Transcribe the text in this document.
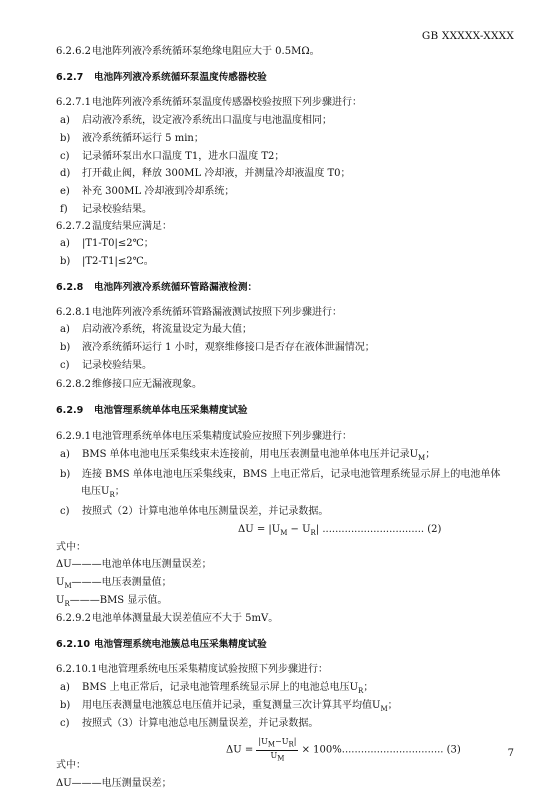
GB XXXXX-XXXX
6.2.6.2电池阵列液冷系统循环泵绝缘电阻应大于 0.5MΩ。
6.2.7 电池阵列液冷系统循环泵温度传感器校验
6.2.7.1电池阵列液冷系统循环泵温度传感器校验按照下列步骤进行：
a) 启动液冷系统，设定液冷系统出口温度与电池温度相同；
b) 液冷系统循环运行 5 min；
c) 记录循环泵出水口温度 T1，进水口温度 T2；
d) 打开截止阀，释放 300ML 冷却液，并测量冷却液温度 T0；
e) 补充 300ML 冷却液到冷却系统；
f) 记录校验结果。
6.2.7.2温度结果应满足：
a) |T1-T0|≤2℃；
b) |T2-T1|≤2℃。
6.2.8 电池阵列液冷系统循环管路漏液检测：
6.2.8.1电池阵列液冷系统循环管路漏液测试按照下列步骤进行：
a) 启动液冷系统，将流量设定为最大值；
b) 液冷系统循环运行 1 小时，观察维修接口是否存在液体泄漏情况；
c) 记录校验结果。
6.2.8.2维修接口应无漏液现象。
6.2.9 电池管理系统单体电压采集精度试验
6.2.9.1电池管理系统单体电压采集精度试验应按照下列步骤进行：
a) BMS 单体电池电压采集线束未连接前，用电压表测量电池单体电压并记录$U_M$；
b) 连接 BMS 单体电池电压采集线束，BMS 上电正常后，记录电池管理系统显示屏上的电池单体
电压$U_R$；
c) 按照式（2）计算电池单体电压测量误差，并记录数据。
$\Delta U = |U_M - U_R|$ ................................ (2)
式中：
ΔU———电池单体电压测量误差；
$U_M———$电压表测量值；
$U_R———BMS$ 显示值。
6.2.9.2电池单体测量最大误差值应不大于 5mV。
6.2.10 电池管理系统电池簇总电压采集精度试验
6.2.10.1电池管理系统电压采集精度试验按照下列步骤进行：
a) BMS 上电正常后，记录电池管理系统显示屏上的电池总电压$U_R$；
b) 用电压表测量电池簇总电压值并记录，重复测量三次计算其平均值$U_M$；
c) 按照式（3）计算电池总电压测量误差，并记录数据。
$\Delta U = \frac{|U_M-U_R|}{U_M} \times 100\%$................................ (3)
式中：
ΔU———电压测量误差；
7
